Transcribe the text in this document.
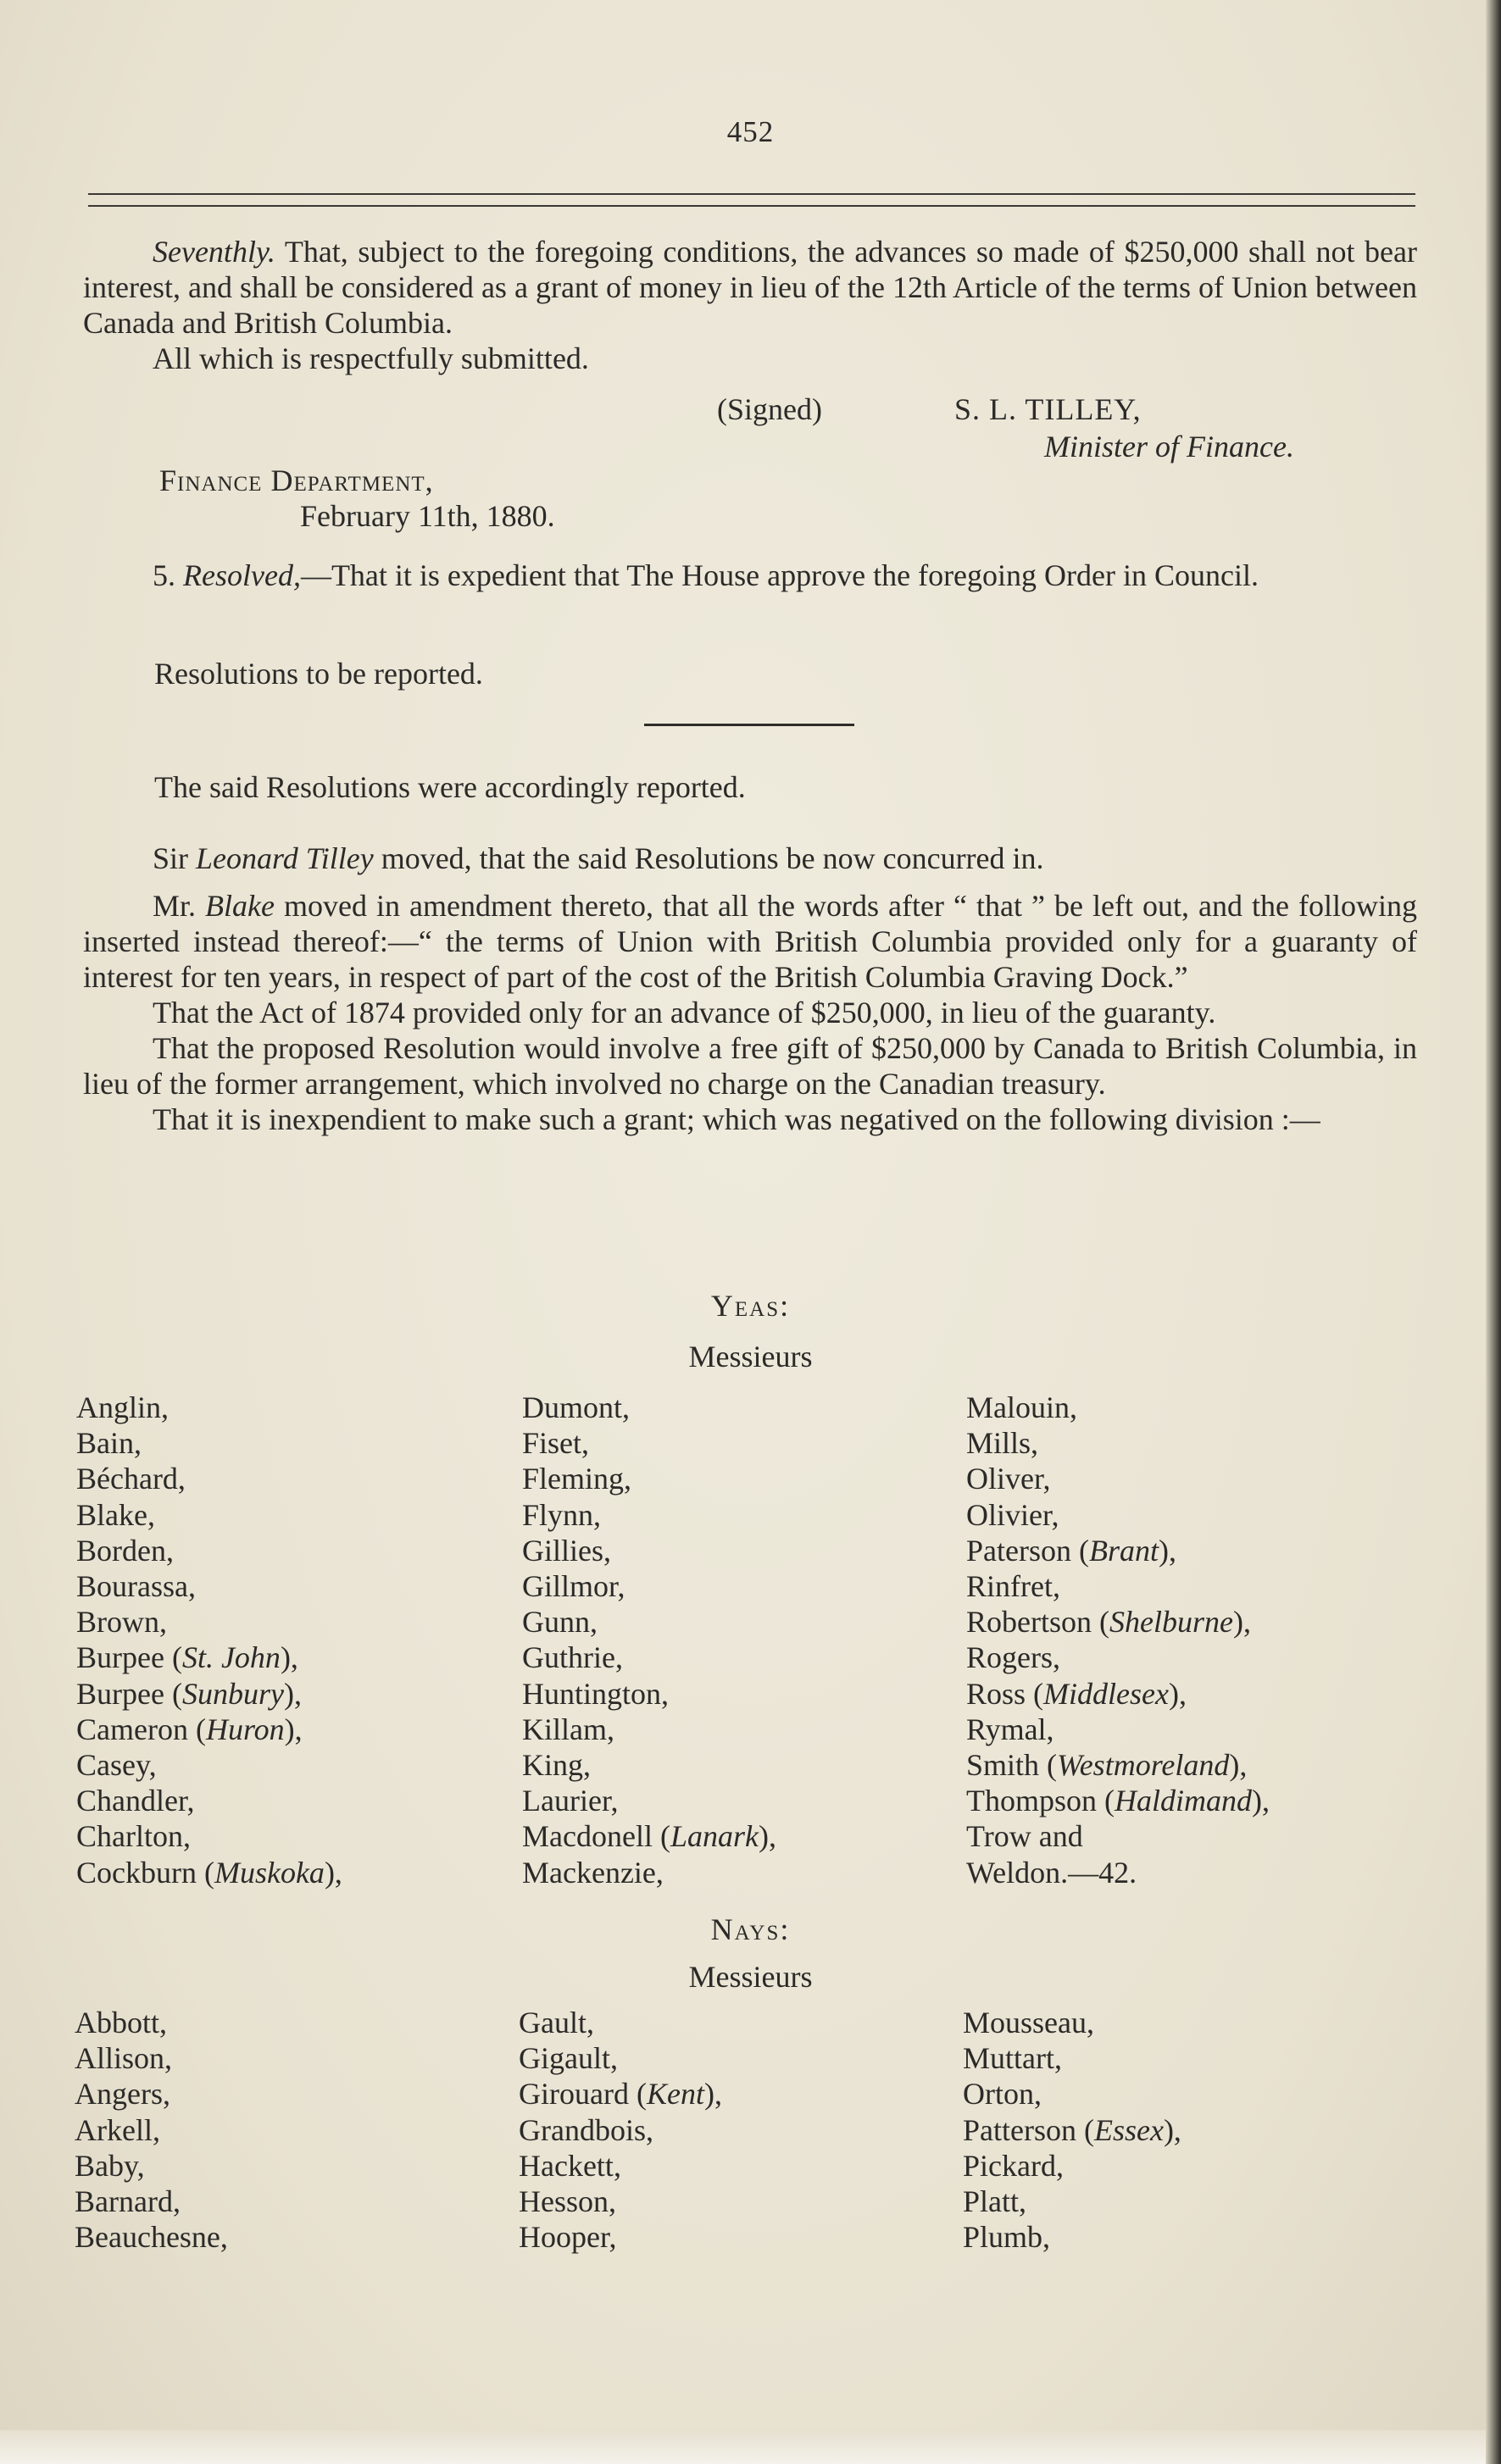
452

Seventhly. That, subject to the foregoing conditions, the advances so made of $250,000 shall not bear interest, and shall be considered as a grant of money in lieu of the 12th Article of the terms of Union between Canada and British Columbia.

All which is respectfully submitted.

(Signed)	S. L. TILLEY,
Minister of Finance.
Finance Department,
February 11th, 1880.

5. Resolved,—That it is expedient that The House approve the foregoing Order in Council.

Resolutions to be reported.
The said Resolutions were accordingly reported.

Sir Leonard Tilley moved, that the said Resolutions be now concurred in.

Mr. Blake moved in amendment thereto, that all the words after “ that ” be left out, and the following inserted instead thereof:—“ the terms of Union with British Columbia provided only for a guaranty of interest for ten years, in respect of part of the cost of the British Columbia Graving Dock.”

That the Act of 1874 provided only for an advance of $250,000, in lieu of the guaranty.

That the proposed Resolution would involve a free gift of $250,000 by Canada to British Columbia, in lieu of the former arrangement, which involved no charge on the Canadian treasury.

That it is inexpendient to make such a grant; which was negatived on the following division :—

Yeas:
Messieurs
Anglin,
Bain,
Béchard,
Blake,
Borden,
Bourassa,
Brown,
Burpee (St. John),
Burpee (Sunbury),
Cameron (Huron),
Casey,
Chandler,
Charlton,
Cockburn (Muskoka),
Dumont,
Fiset,
Fleming,
Flynn,
Gillies,
Gillmor,
Gunn,
Guthrie,
Huntington,
Killam,
King,
Laurier,
Macdonell (Lanark),
Mackenzie,
Malouin,
Mills,
Oliver,
Olivier,
Paterson (Brant),
Rinfret,
Robertson (Shelburne),
Rogers,
Ross (Middlesex),
Rymal,
Smith (Westmoreland),
Thompson (Haldimand),
Trow and
Weldon.—42.
Nays:
Messieurs
Abbott,
Allison,
Angers,
Arkell,
Baby,
Barnard,
Beauchesne,
Gault,
Gigault,
Girouard (Kent),
Grandbois,
Hackett,
Hesson,
Hooper,
Mousseau,
Muttart,
Orton,
Patterson (Essex),
Pickard,
Platt,
Plumb,
